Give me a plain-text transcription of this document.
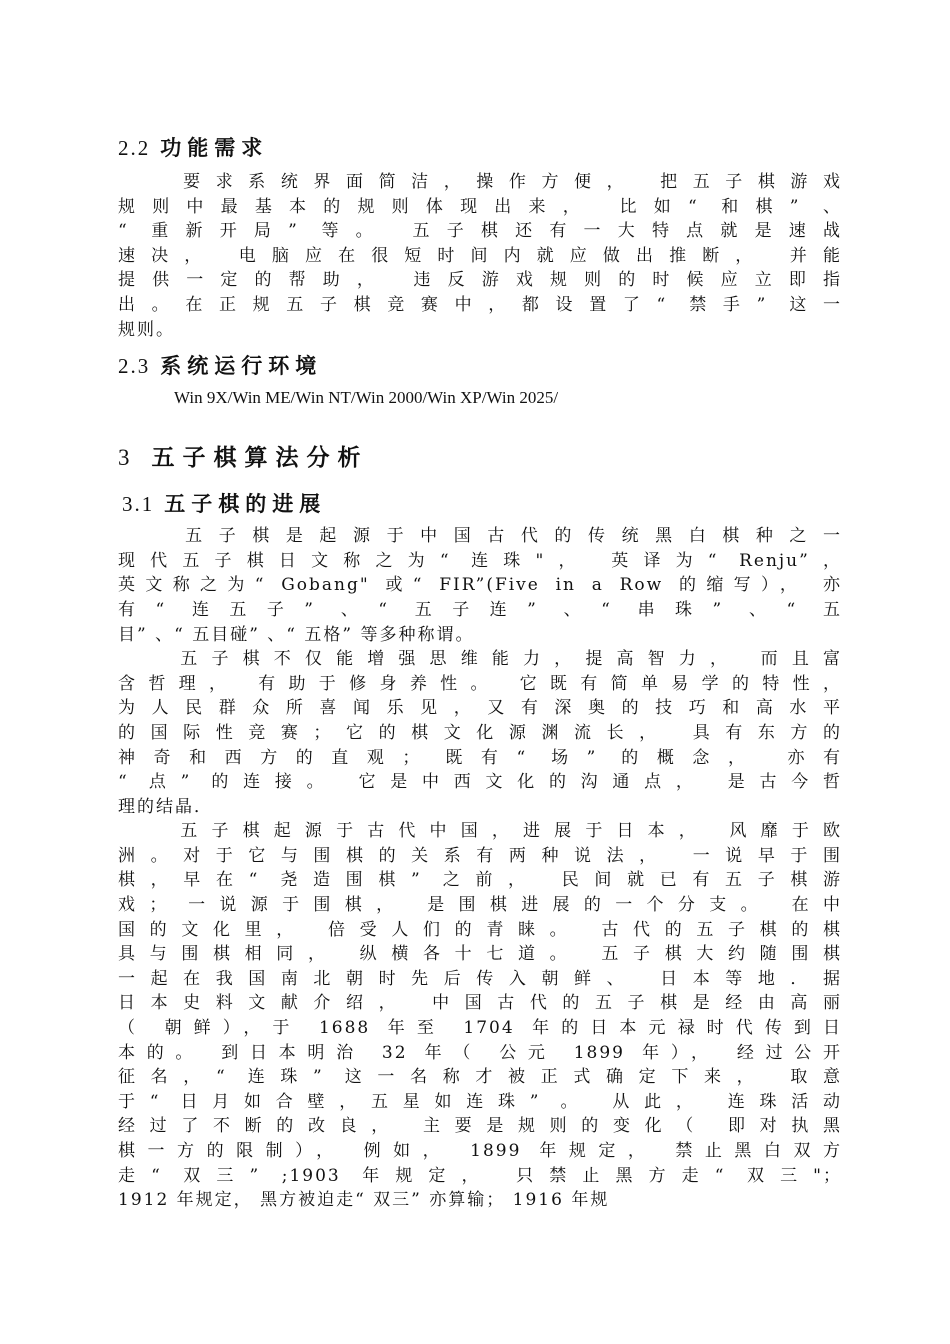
2.2 功能需求
　　要求系统界面简洁，操作方便， 把五子棋游戏
规则中最基本的规则体现出来， 比如“ 和棋” 、
“ 重新开局” 等。 五子棋还有一大特点就是速战
速决， 电脑应在很短时间内就应做出推断， 并能
提供一定的帮助， 违反游戏规则的时候应立即指
出。在正规五子棋竞赛中，都设置了“ 禁手” 这一
规则。
2.3 系统运行环境
Win 9X/Win ME/Win NT/Win 2000/Win XP/Win 2025/
3 五子棋算法分析
3.1 五子棋的进展
　　五子棋是起源于中国古代的传统黑白棋种之一
现代五子棋日文称之为“ 连珠"， 英译为“ Renju”，
英文称之为“ Gobang" 或“ FIR”(Five in a Row 的缩写）， 亦
有“ 连五子” 、“ 五子连” 、“ 串珠” 、“ 五
目” 、“ 五目碰” 、“ 五格” 等多种称谓。
　　五子棋不仅能增强思维能力，提高智力， 而且富
含哲理， 有助于修身养性。 它既有简单易学的特性，
为人民群众所喜闻乐见，又有深奥的技巧和高水平
的国际性竞赛；它的棋文化源渊流长， 具有东方的
神奇和西方的直观； 既有“ 场” 的概念， 亦有
“ 点” 的连接。 它是中西文化的沟通点， 是古今哲
理的结晶．
　　五子棋起源于古代中国，进展于日本， 风靡于欧
洲。对于它与围棋的关系有两种说法， 一说早于围
棋，早在“ 尧造围棋” 之前， 民间就已有五子棋游
戏； 一说源于围棋， 是围棋进展的一个分支。 在中
国的文化里， 倍受人们的青睐。 古代的五子棋的棋
具与围棋相同， 纵横各十七道。 五子棋大约随围棋
一起在我国南北朝时先后传入朝鲜、 日本等地．据
日本史料文献介绍， 中国古代的五子棋是经由高丽
（ 朝鲜），于 1688 年至 1704 年的日本元禄时代传到日
本的。 到日本明治 32 年（ 公元 1899 年）， 经过公开
征名，“ 连珠” 这一名称才被正式确定下来， 取意
于“ 日月如合壁，五星如连珠” 。 从此， 连珠活动
经过了不断的改良， 主要是规则的变化（ 即对执黑
棋一方的限制）， 例如， 1899 年规定， 禁止黑白双方
走“ 双三” ;1903 年规定， 只禁止黑方走“ 双三"；
1912 年规定， 黑方被迫走“ 双三” 亦算输； 1916 年规
